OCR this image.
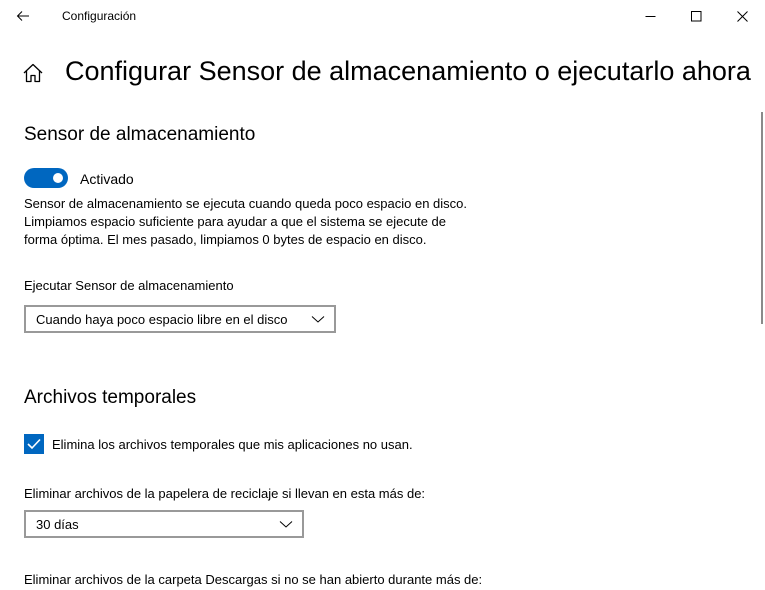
Configuración
Configurar Sensor de almacenamiento o ejecutarlo ahora
Sensor de almacenamiento
Activado

Sensor de almacenamiento se ejecuta cuando queda poco espacio en disco. Limpiamos espacio suficiente para ayudar a que el sistema se ejecute de forma óptima. El mes pasado, limpiamos 0 bytes de espacio en disco.

Ejecutar Sensor de almacenamiento
Cuando haya poco espacio libre en el disco
Archivos temporales
Elimina los archivos temporales que mis aplicaciones no usan.
Eliminar archivos de la papelera de reciclaje si llevan en esta más de:
30 días
Eliminar archivos de la carpeta Descargas si no se han abierto durante más de:
